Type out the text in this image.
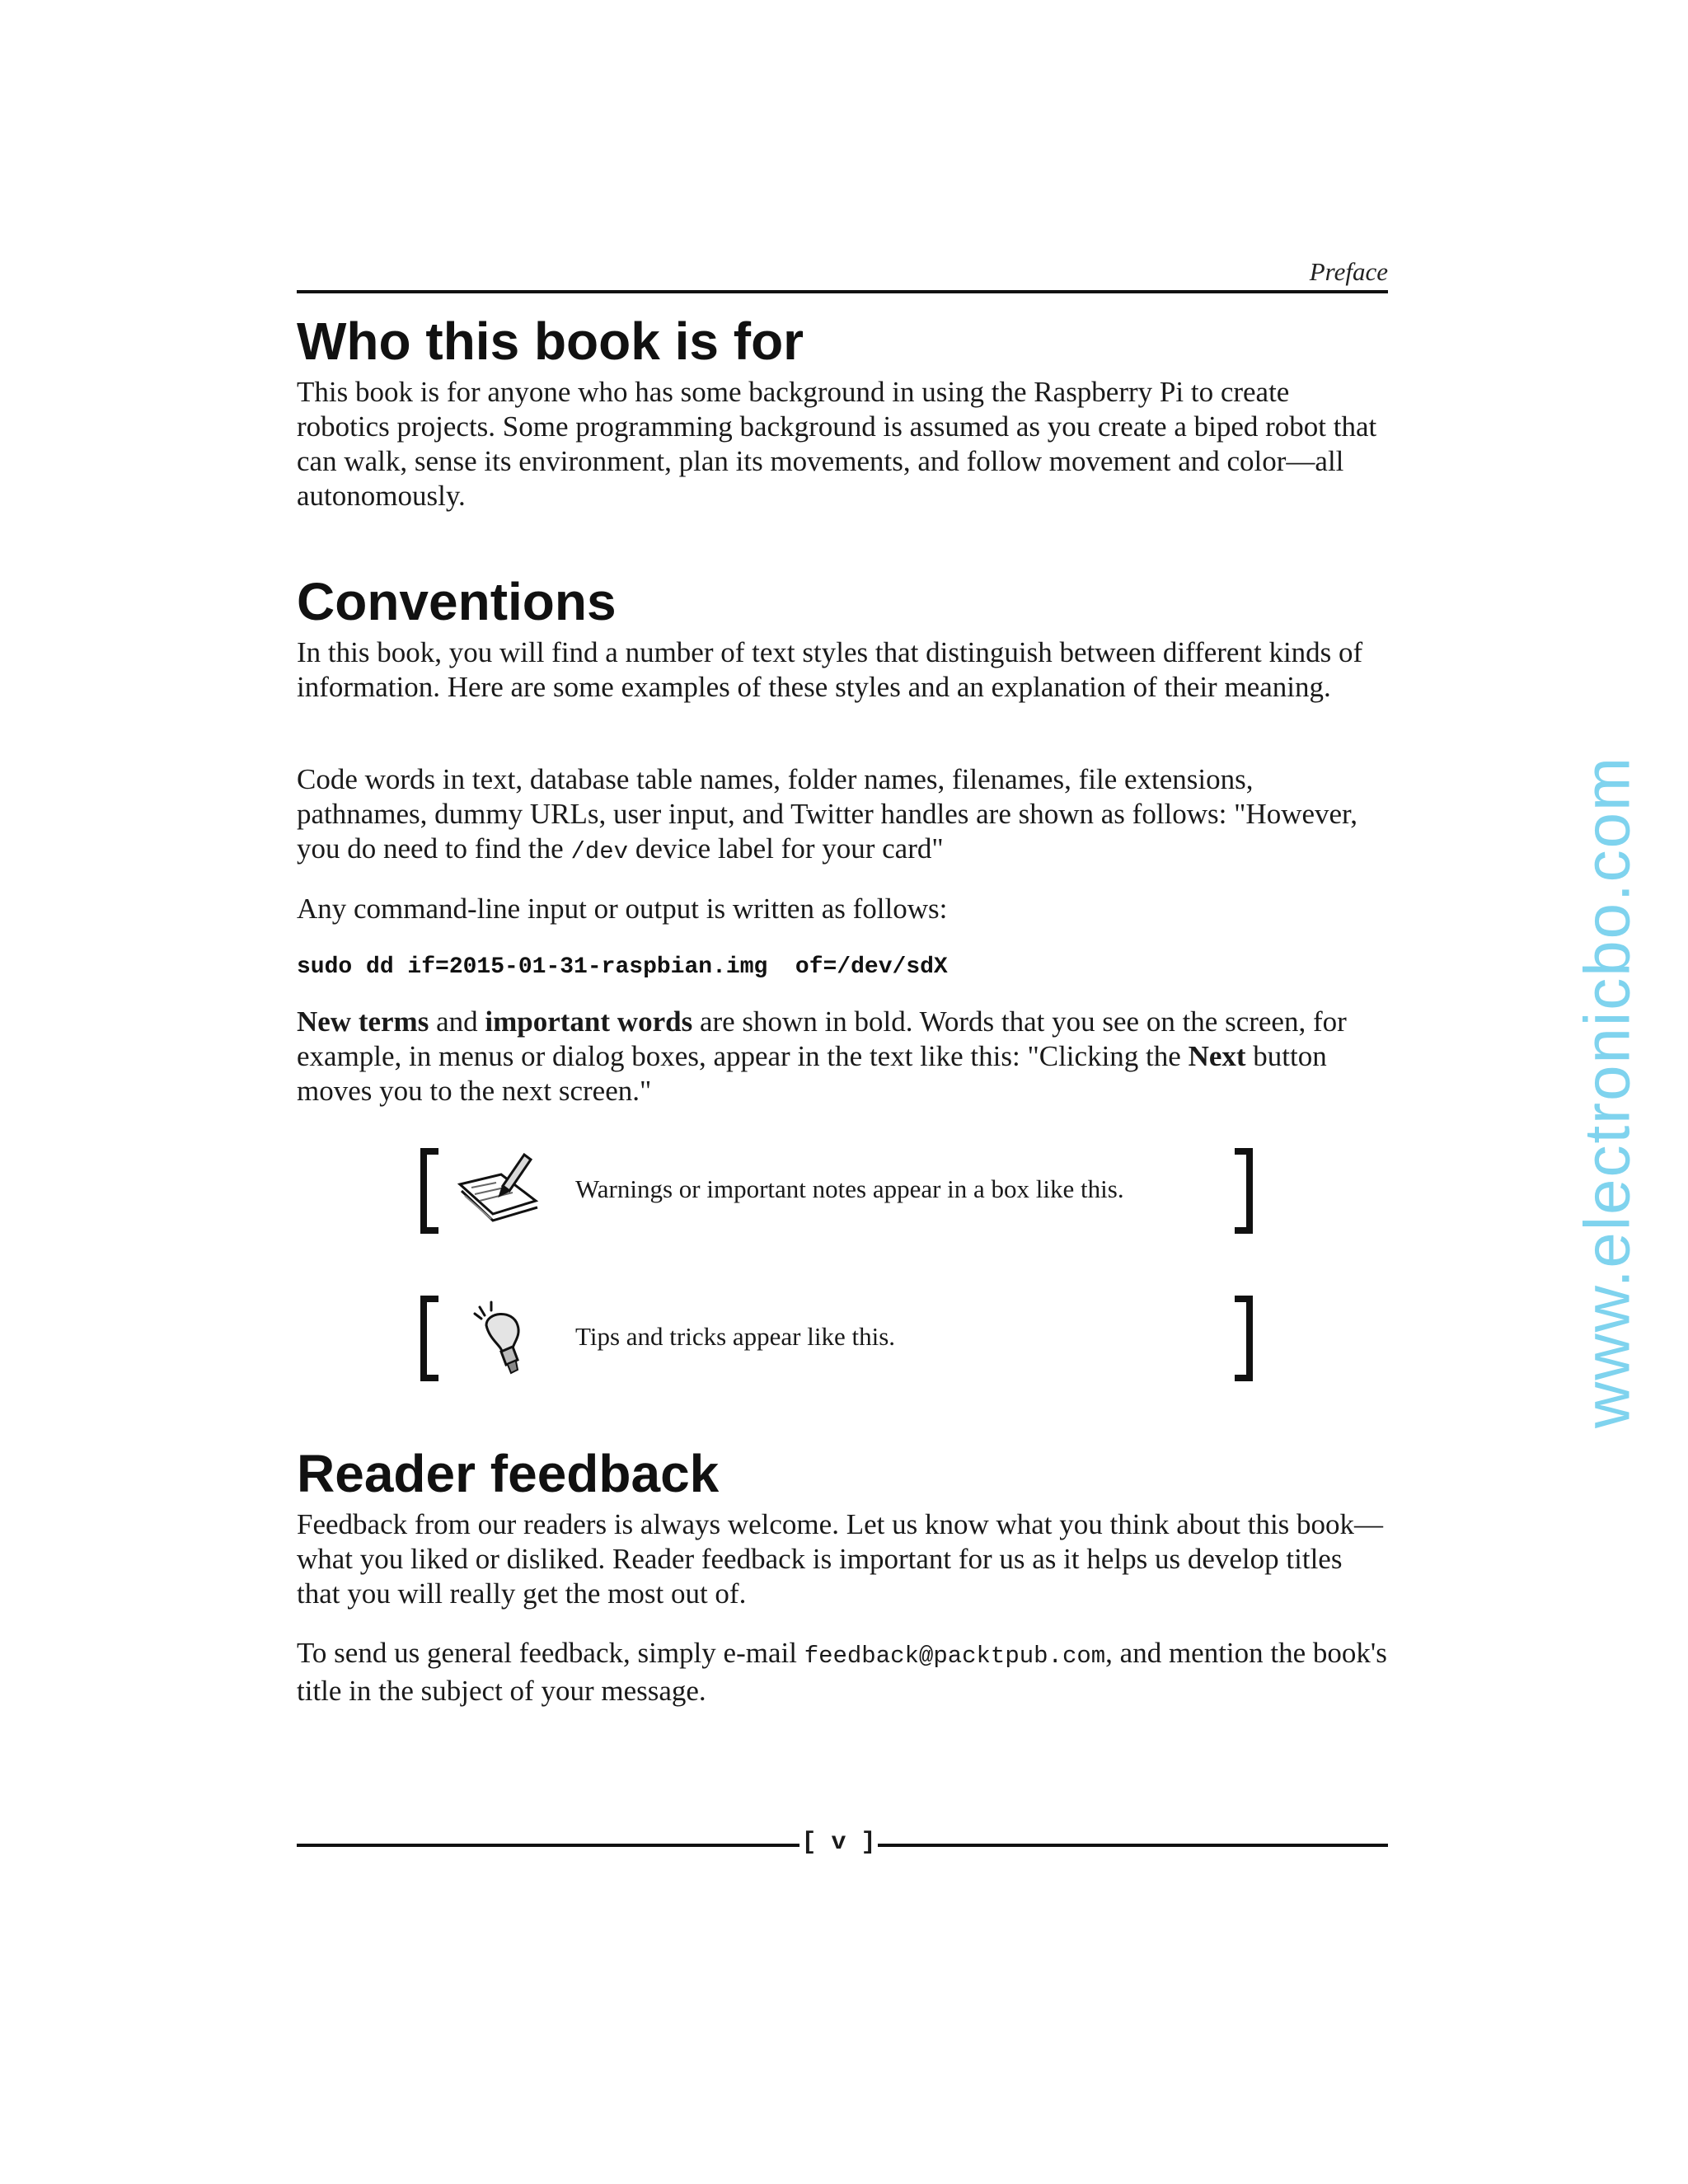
Preface
Who this book is for

This book is for anyone who has some background in using the Raspberry Pi to create robotics projects. Some programming background is assumed as you create a biped robot that can walk, sense its environment, plan its movements, and follow movement and color—all autonomously.

Conventions

In this book, you will find a number of text styles that distinguish between different kinds of information. Here are some examples of these styles and an explanation of their meaning.

Code words in text, database table names, folder names, filenames, file extensions, pathnames, dummy URLs, user input, and Twitter handles are shown as follows: "However, you do need to find the /dev device label for your card"

Any command-line input or output is written as follows:

sudo dd if=2015-01-31-raspbian.img  of=/dev/sdX

New terms and important words are shown in bold. Words that you see on the screen, for example, in menus or dialog boxes, appear in the text like this: "Clicking the Next button moves you to the next screen."

Warnings or important notes appear in a box like this.
Tips and tricks appear like this.
Reader feedback

Feedback from our readers is always welcome. Let us know what you think about this book—what you liked or disliked. Reader feedback is important for us as it helps us develop titles that you will really get the most out of.

To send us general feedback, simply e-mail feedback@packtpub.com, and mention the book's title in the subject of your message.

[ v ]
www.electronicbo.com
